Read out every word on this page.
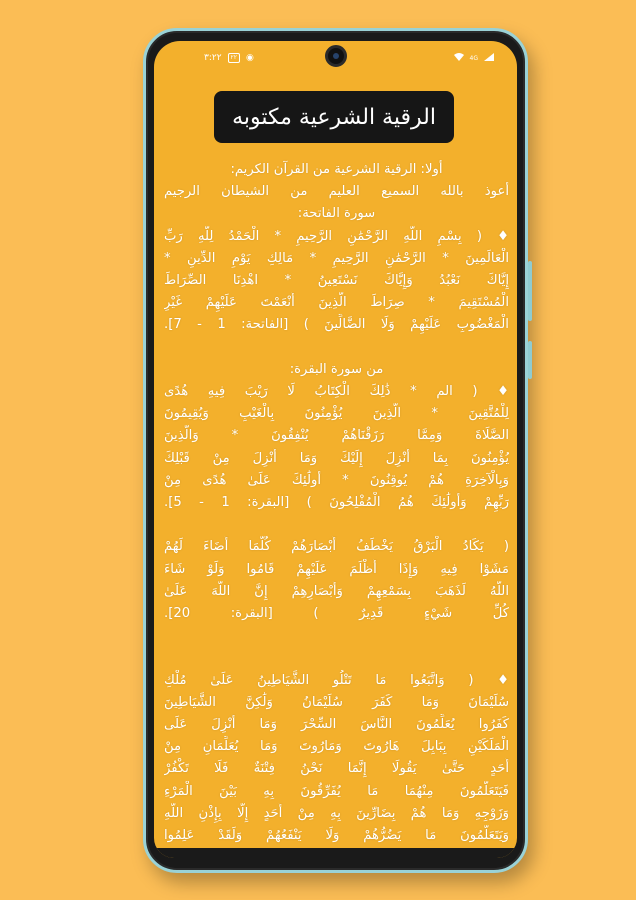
٣:٢٢	٢٢	◉	4G
الرقية الشرعية مكتوبه
أولا: الرقية الشرعية من القرآن الكريم:
أعوذ بالله السميع العليم من الشيطان الرجيم
سورة الفاتحة:
♦ ( بِسْمِ اللَّهِ الرَّحْمَٰنِ الرَّحِيمِ * الْحَمْدُ لِلَّهِ رَبِّ
الْعَالَمِينَ * الرَّحْمَٰنِ الرَّحِيمِ * مَالِكِ يَوْمِ الدِّينِ *
إِيَّاكَ نَعْبُدُ وَإِيَّاكَ نَسْتَعِينُ * اهْدِنَا الصِّرَاطَ
الْمُسْتَقِيمَ * صِرَاطَ الَّذِينَ أَنْعَمْتَ عَلَيْهِمْ غَيْرِ
الْمَغْضُوبِ عَلَيْهِمْ وَلَا الضَّالِّينَ ) [الفاتحة: 1 - 7].
من سورة البقرة:
♦ ( الم * ذَٰلِكَ الْكِتَابُ لَا رَيْبَ فِيهِ هُدًى
لِلْمُتَّقِينَ * الَّذِينَ يُؤْمِنُونَ بِالْغَيْبِ وَيُقِيمُونَ
الصَّلَاةَ وَمِمَّا رَزَقْنَاهُمْ يُنْفِقُونَ * وَالَّذِينَ
يُؤْمِنُونَ بِمَا أُنْزِلَ إِلَيْكَ وَمَا أُنْزِلَ مِنْ قَبْلِكَ
وَبِالْآخِرَةِ هُمْ يُوقِنُونَ * أُولَٰئِكَ عَلَىٰ هُدًى مِنْ
رَبِّهِمْ وَأُولَٰئِكَ هُمُ الْمُفْلِحُونَ ) [البقرة: 1 - 5].
( يَكَادُ الْبَرْقُ يَخْطَفُ أَبْصَارَهُمْ كُلَّمَا أَضَاءَ لَهُمْ
مَشَوْا فِيهِ وَإِذَا أَظْلَمَ عَلَيْهِمْ قَامُوا وَلَوْ شَاءَ
اللَّهُ لَذَهَبَ بِسَمْعِهِمْ وَأَبْصَارِهِمْ إِنَّ اللَّهَ عَلَىٰ
كُلِّ شَيْءٍ قَدِيرٌ ) [البقرة: 20].
♦ ( وَاتَّبَعُوا مَا تَتْلُو الشَّيَاطِينُ عَلَىٰ مُلْكِ
سُلَيْمَانَ وَمَا كَفَرَ سُلَيْمَانُ وَلَٰكِنَّ الشَّيَاطِينَ
كَفَرُوا يُعَلِّمُونَ النَّاسَ السِّحْرَ وَمَا أُنْزِلَ عَلَى
الْمَلَكَيْنِ بِبَابِلَ هَارُوتَ وَمَارُوتَ وَمَا يُعَلِّمَانِ مِنْ
أَحَدٍ حَتَّىٰ يَقُولَا إِنَّمَا نَحْنُ فِتْنَةٌ فَلَا تَكْفُرْ
فَيَتَعَلَّمُونَ مِنْهُمَا مَا يُفَرِّقُونَ بِهِ بَيْنَ الْمَرْءِ
وَزَوْجِهِ وَمَا هُمْ بِضَارِّينَ بِهِ مِنْ أَحَدٍ إِلَّا بِإِذْنِ اللَّهِ
وَيَتَعَلَّمُونَ مَا يَضُرُّهُمْ وَلَا يَنْفَعُهُمْ وَلَقَدْ عَلِمُوا
